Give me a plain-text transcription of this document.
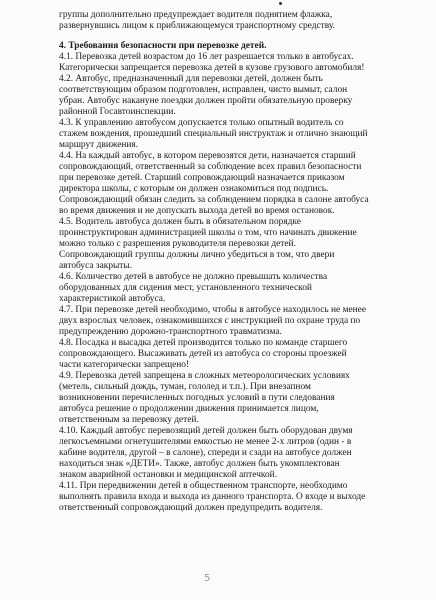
группы дополнительно предупреждает водителя поднятием флажка,
развернувшись лицом к приближающемуся транспортному средству.
4. Требования безопасности при перевозке детей.
4.1. Перевозка детей возрастом до 16 лет разрешается только в автобусах.
Категорически запрещается перевозка детей в кузове грузового автомобиля!
4.2. Автобус, предназначенный для перевозки детей, должен быть
соответствующим образом подготовлен, исправлен, чисто вымыт, салон
убран. Автобус накануне поездки должен пройти обязательную проверку
районной Госавтоинспекции.
4.3. К управлению автобусом допускается только опытный водитель со
стажем вождения, прошедший специальный инструктаж и отлично знающий
маршрут движения.
4.4. На каждый автобус, в котором перевозятся дети, назначается старший
сопровождающий, ответственный за соблюдение всех правил безопасности
при перевозке детей. Старший сопровождающий назначается приказом
директора школы, с которым он должен ознакомиться под подпись.
Сопровождающий обязан следить за соблюдением порядка в салоне автобуса
во время движения и не допускать выхода детей во время остановок.
4.5. Водитель автобуса должен быть в обязательном порядке
проинструктирован администрацией школы о том, что начинать движение
можно только с разрешения руководителя перевозки детей.
Сопровождающий группы должны лично убедиться в том, что двери
автобуса закрыты.
4.6. Количество детей в автобусе не должно превышать количества
оборудованных для сидения мест, установленного технической
характеристикой автобуса.
4.7. При перевозке детей необходимо, чтобы в автобусе находилось не менее
двух взрослых человек, ознакомившихся с инструкцией по охране труда по
предупреждению дорожно-транспортного травматизма.
4.8. Посадка и высадка детей производится только по команде старшего
сопровождающего. Высаживать детей из автобуса со стороны проезжей
части категорически запрещено!
4.9. Перевозка детей запрещена в сложных метеорологических условиях
(метель, сильный дождь, туман, гололед и т.п.). При внезапном
возникновении перечисленных погодных условий в пути следования
автобуса решение о продолжении движения принимается лицом,
ответственным за перевозку детей.
4.10. Каждый автобус перевозящий детей должен быть оборудован двумя
легкосъемными огнетушителями емкостью не менее 2-х литров (один - в
кабине водителя, другой – в салоне), спереди и сзади на автобусе должен
находиться знак «ДЕТИ». Также, автобус должен быть укомплектован
знаком аварийной остановки и медицинской аптечкой.
4.11. При передвижении детей в общественном транспорте, необходимо
выполнять правила входа и выхода из данного транспорта. О входе и выходе
ответственный сопровождающий должен предупредить водителя.
5
